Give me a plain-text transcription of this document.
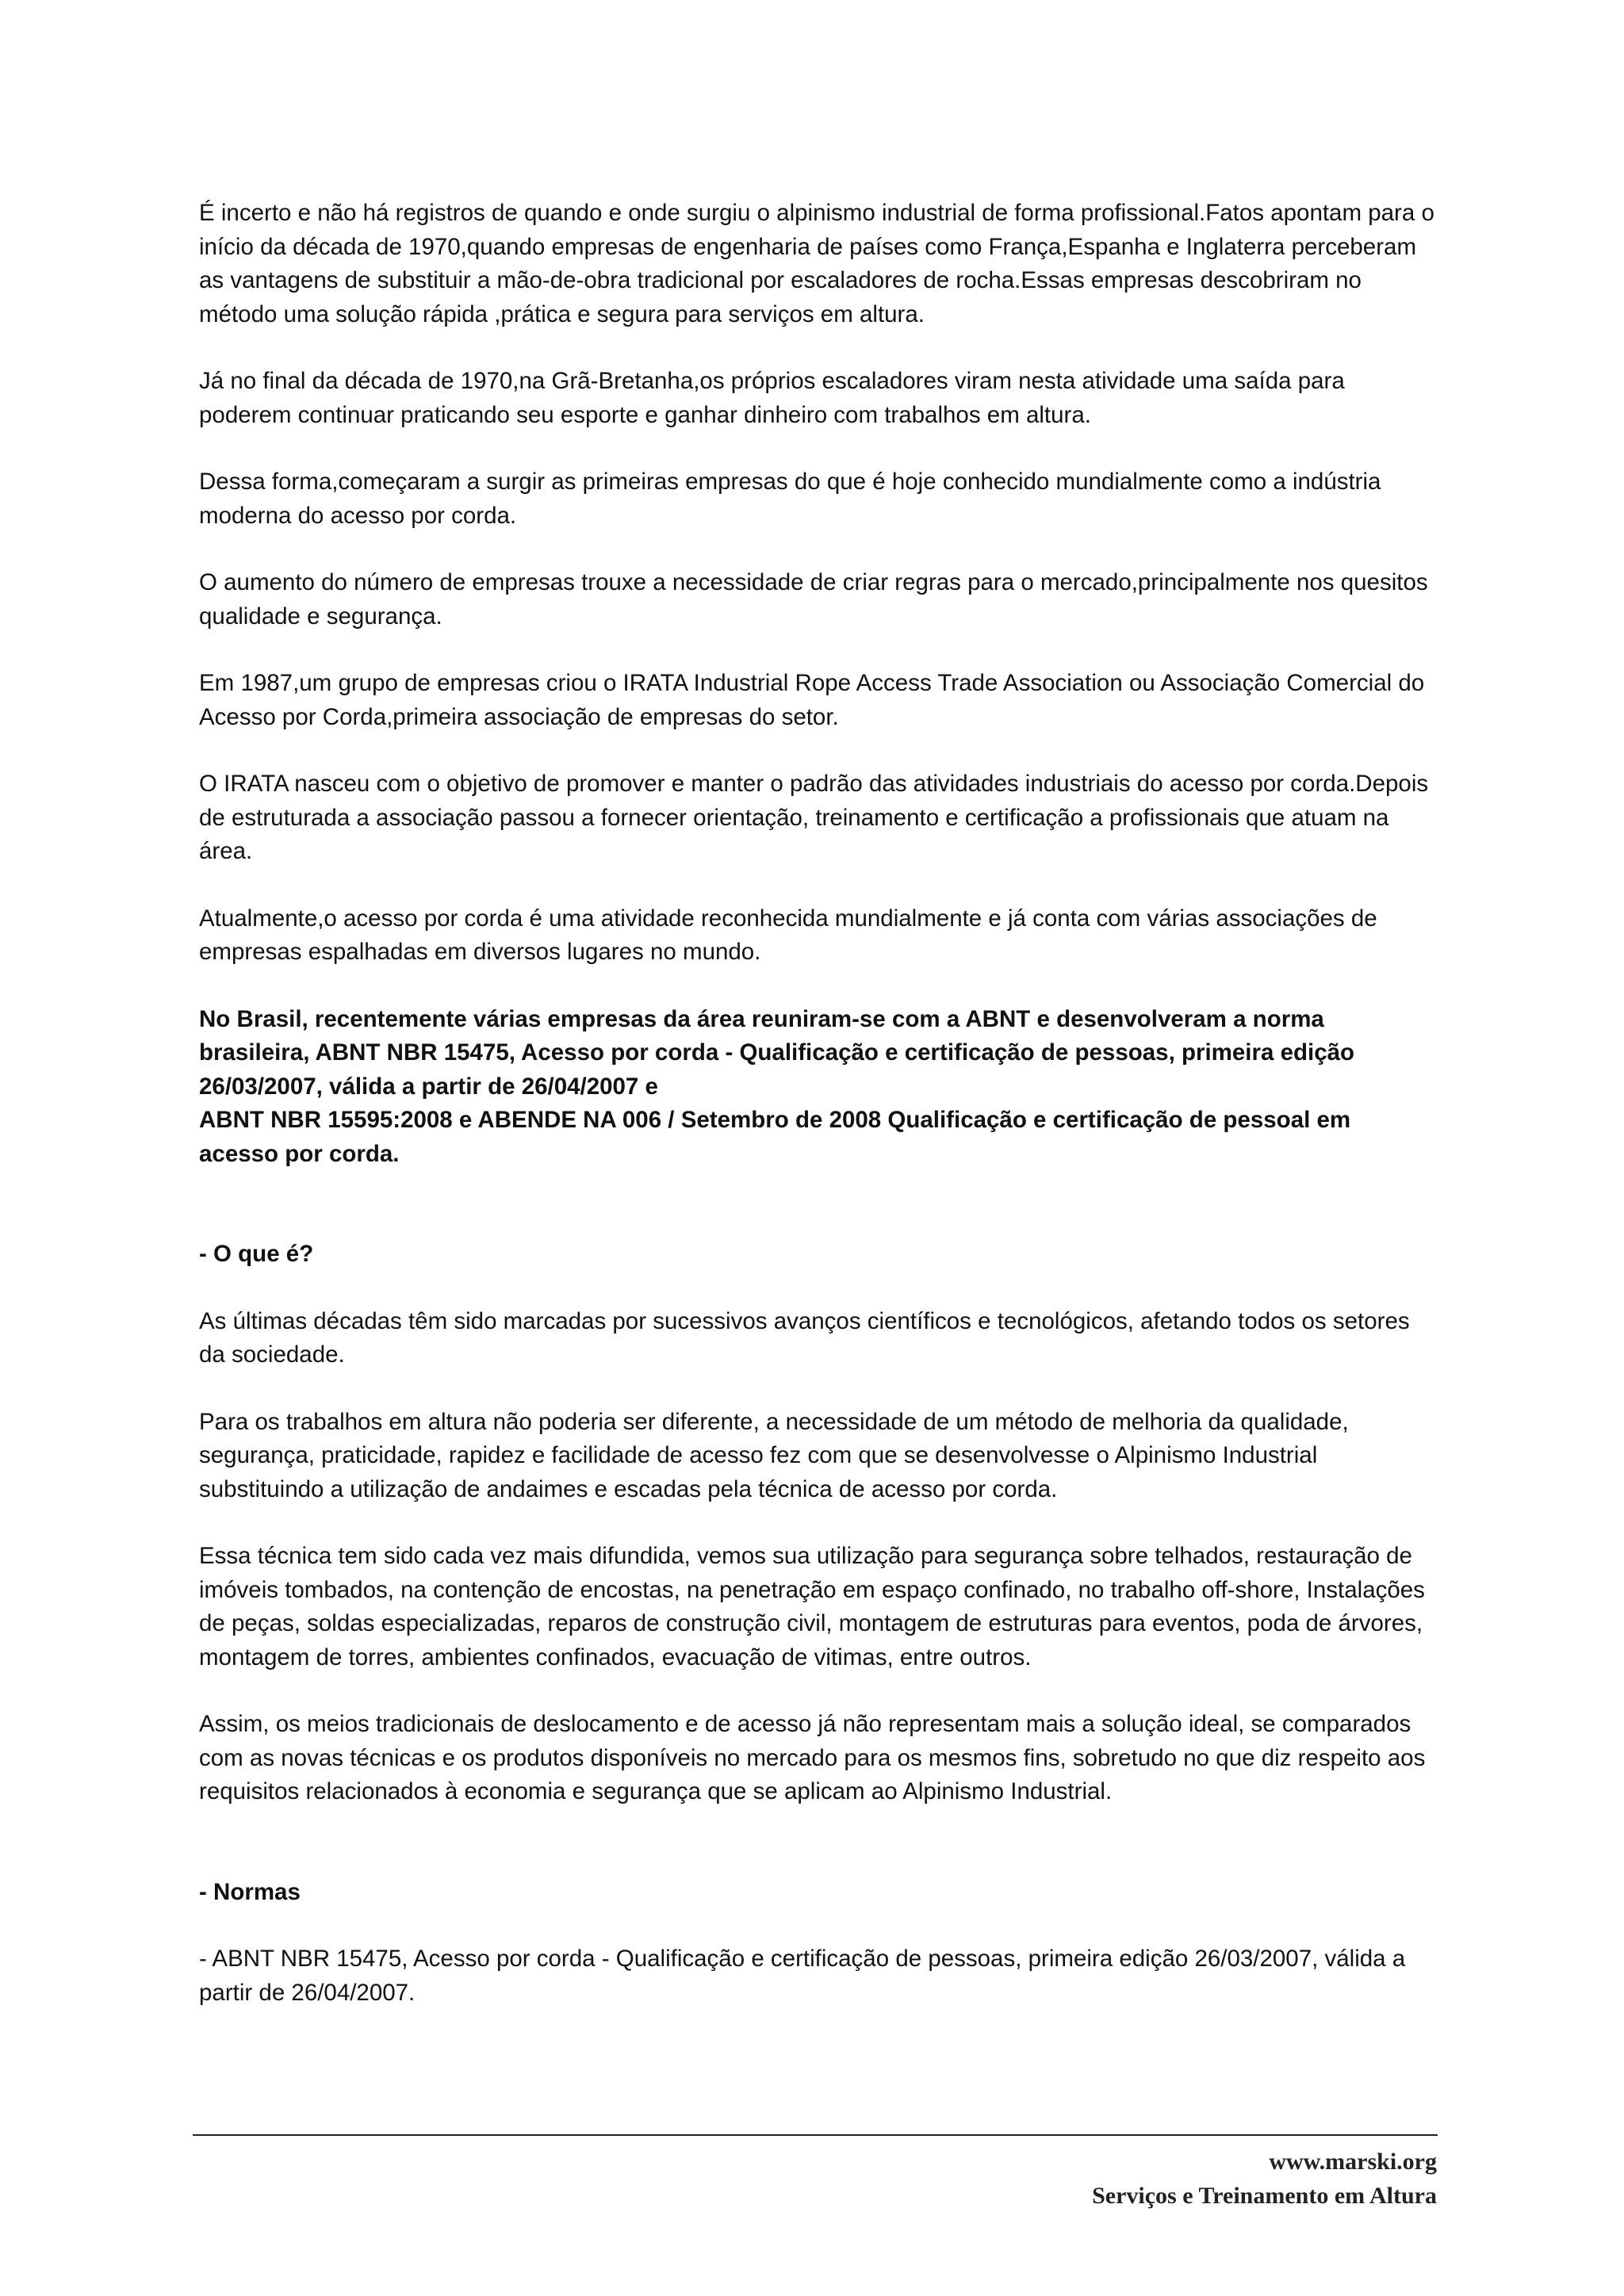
É incerto e não há registros de quando e onde surgiu o alpinismo industrial de forma profissional.Fatos apontam para o início da década de 1970,quando empresas de engenharia de países como França,Espanha e Inglaterra perceberam as vantagens de substituir a mão-de-obra tradicional por escaladores de rocha.Essas empresas descobriram no método uma solução rápida ,prática e segura para serviços em altura.

Já no final da década de 1970,na Grã-Bretanha,os próprios escaladores viram nesta atividade uma saída para poderem continuar praticando seu esporte e ganhar dinheiro com trabalhos em altura.

Dessa forma,começaram a surgir as primeiras empresas do que é hoje conhecido mundialmente como a indústria moderna do acesso por corda.

O aumento do número de empresas trouxe a necessidade de criar regras para o mercado,principalmente nos quesitos qualidade e segurança.

Em 1987,um grupo de empresas criou o IRATA Industrial Rope Access Trade Association ou Associação Comercial do Acesso por Corda,primeira associação de empresas do setor.

O IRATA nasceu com o objetivo de promover e manter o padrão das atividades industriais do acesso por corda.Depois de estruturada a associação passou a fornecer orientação, treinamento e certificação a profissionais que atuam na área.

Atualmente,o acesso por corda é uma atividade reconhecida mundialmente e já conta com várias associações de empresas espalhadas em diversos lugares no mundo.

No Brasil, recentemente várias empresas da área reuniram-se com a ABNT e desenvolveram a norma brasileira, ABNT NBR 15475, Acesso por corda - Qualificação e certificação de pessoas, primeira edição 26/03/2007, válida a partir de 26/04/2007 e
ABNT NBR 15595:2008 e ABENDE NA 006 / Setembro de 2008 Qualificação e certificação de pessoal em acesso por corda.
- O que é?

As últimas décadas têm sido marcadas por sucessivos avanços científicos e tecnológicos, afetando todos os setores da sociedade.

Para os trabalhos em altura não poderia ser diferente, a necessidade de um método de melhoria da qualidade, segurança, praticidade, rapidez e facilidade de acesso fez com que se desenvolvesse o Alpinismo Industrial substituindo a utilização de andaimes e escadas pela técnica de acesso por corda.

Essa técnica tem sido cada vez mais difundida, vemos sua utilização para segurança sobre telhados, restauração de imóveis tombados, na contenção de encostas, na penetração em espaço confinado, no trabalho off-shore, Instalações de peças, soldas especializadas, reparos de construção civil, montagem de estruturas para eventos, poda de árvores, montagem de torres, ambientes confinados, evacuação de vitimas, entre outros.

Assim, os meios tradicionais de deslocamento e de acesso já não representam mais a solução ideal, se comparados com as novas técnicas e os produtos disponíveis no mercado para os mesmos fins, sobretudo no que diz respeito aos requisitos relacionados à economia e segurança que se aplicam ao Alpinismo Industrial.

- Normas

- ABNT NBR 15475, Acesso por corda - Qualificação e certificação de pessoas, primeira edição 26/03/2007, válida a partir de 26/04/2007.

www.marski.org
Serviços e Treinamento em Altura
